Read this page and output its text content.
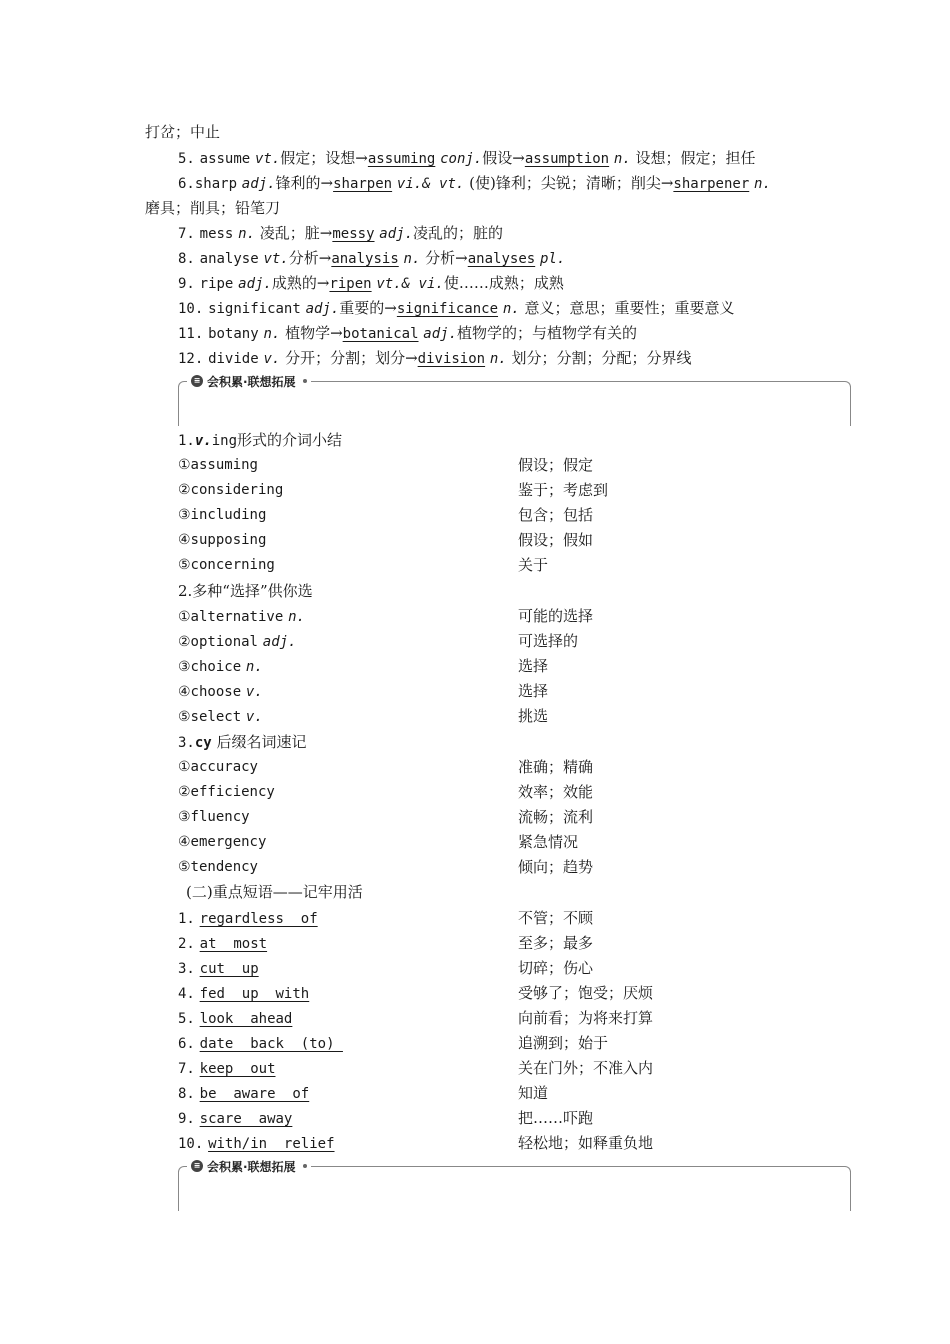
打岔；中止
5. assume vt.假定；设想→assuming conj.假设→assumption n. 设想；假定；担任
6.sharp adj.锋利的→sharpen vi.& vt. (使)锋利；尖锐；清晰；削尖→sharpener n.
磨具；削具；铅笔刀
7. mess n. 凌乱；脏→messy adj.凌乱的；脏的
8. analyse vt.分析→analysis n. 分析→analyses pl.
9. ripe adj.成熟的→ripen vt.& vi.使……成熟；成熟
10. significant adj.重要的→significance n. 意义；意思；重要性；重要意义
11. botany n. 植物学→botanical adj.植物学的；与植物学有关的
12. divide v. 分开；分割；划分→division n. 划分；分割；分配；分界线
≡ 会积累·联想拓展
1.v.ing形式的介词小结
①assuming	假设；假定
②considering	鉴于；考虑到
③including	包含；包括
④supposing	假设；假如
⑤concerning	关于
2.多种“选择”供你选
①alternative n.	可能的选择
②optional adj.	可选择的
③choice n.	选择
④choose v.	选择
⑤select v.	挑选
3.cy 后缀名词速记
①accuracy	准确；精确
②efficiency	效率；效能
③fluency	流畅；流利
④emergency	紧急情况
⑤tendency	倾向；趋势
(二)重点短语——记牢用活
1. regardless  of	不管；不顾
2. at  most	至多；最多
3. cut  up	切碎；伤心
4. fed  up  with	受够了；饱受；厌烦
5. look  ahead	向前看；为将来打算
6. date  back  (to)	追溯到；始于
7. keep  out	关在门外；不准入内
8. be  aware  of	知道
9. scare  away	把……吓跑
10. with/in  relief	轻松地；如释重负地
≡ 会积累·联想拓展
